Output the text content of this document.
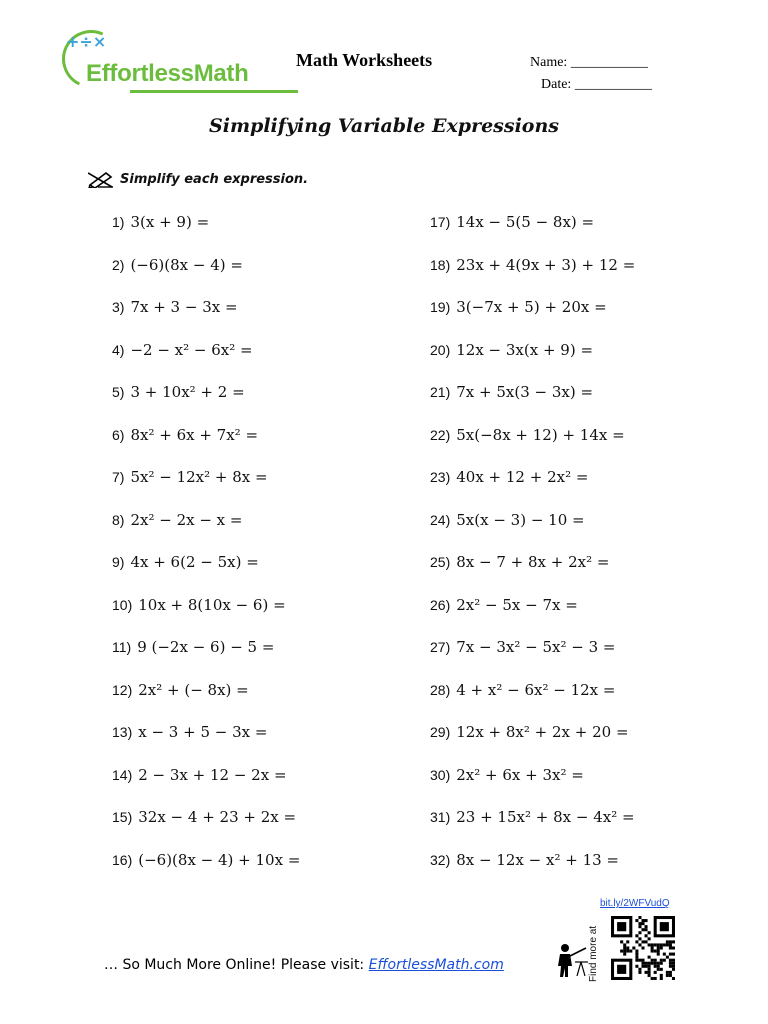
+÷×
EffortlessMath	Math Worksheets	Name: ___________
Date: ___________
Simplifying Variable Expressions
Simplify each expression.
1) 3(x + 9) =
2) (−6)(8x − 4) =
3) 7x + 3 − 3x =
4) −2 − x² − 6x² =
5) 3 + 10x² + 2 =
6) 8x² + 6x + 7x² =
7) 5x² − 12x² + 8x =
8) 2x² − 2x − x =
9) 4x + 6(2 − 5x) =
10) 10x + 8(10x − 6) =
11) 9 (−2x − 6) − 5 =
12) 2x² + (− 8x) =
13) x − 3 + 5 − 3x =
14) 2 − 3x + 12 − 2x =
15) 32x − 4 + 23 + 2x =
16) (−6)(8x − 4) + 10x =
17) 14x − 5(5 − 8x) =
18) 23x + 4(9x + 3) + 12 =
19) 3(−7x + 5) + 20x =
20) 12x − 3x(x + 9) =
21) 7x + 5x(3 − 3x) =
22) 5x(−8x + 12) + 14x =
23) 40x + 12 + 2x² =
24) 5x(x − 3) − 10 =
25) 8x − 7 + 8x + 2x² =
26) 2x² − 5x − 7x =
27) 7x − 3x² − 5x² − 3 =
28) 4 + x² − 6x² − 12x =
29) 12x + 8x² + 2x + 20 =
30) 2x² + 6x + 3x² =
31) 23 + 15x² + 8x − 4x² =
32) 8x − 12x − x² + 13 =
bit.ly/2WFVudQ
Find more at
… So Much More Online! Please visit: EffortlessMath.com
